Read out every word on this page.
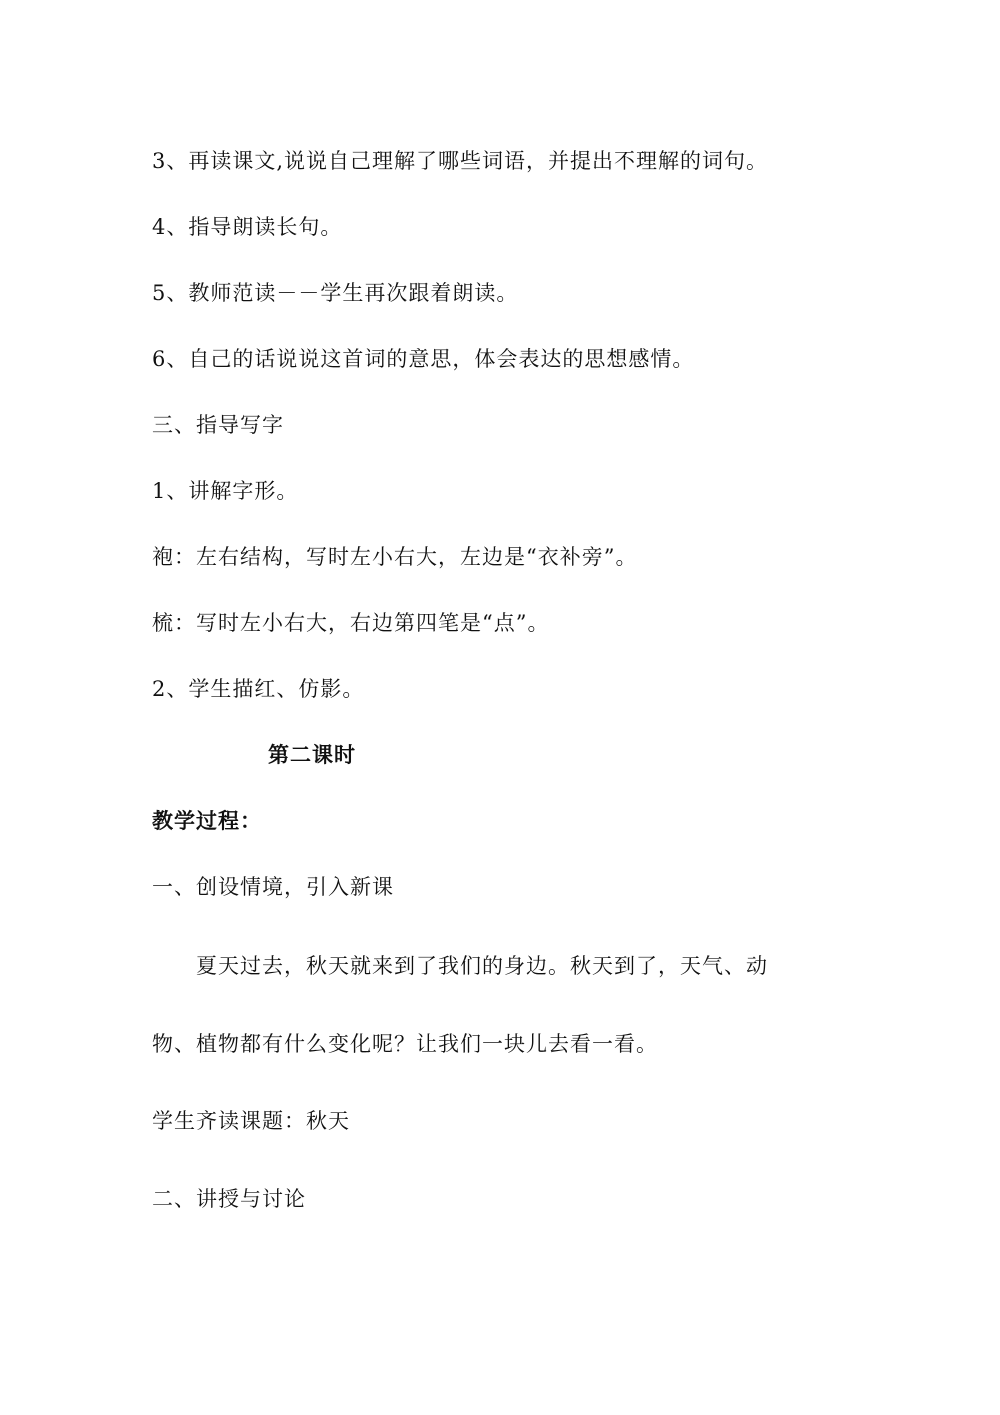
3、再读课文,说说自己理解了哪些词语，并提出不理解的词句。
4、指导朗读长句。
5、教师范读－－学生再次跟着朗读。
6、自己的话说说这首词的意思，体会表达的思想感情。
三、指导写字
1、讲解字形。
袍：左右结构，写时左小右大，左边是“衣补旁”。
梳：写时左小右大，右边第四笔是“点”。
2、学生描红、仿影。
第二课时
教学过程：
一、创设情境，引入新课
夏天过去，秋天就来到了我们的身边。秋天到了，天气、动
物、植物都有什么变化呢？让我们一块儿去看一看。
学生齐读课题：秋天
二、讲授与讨论
